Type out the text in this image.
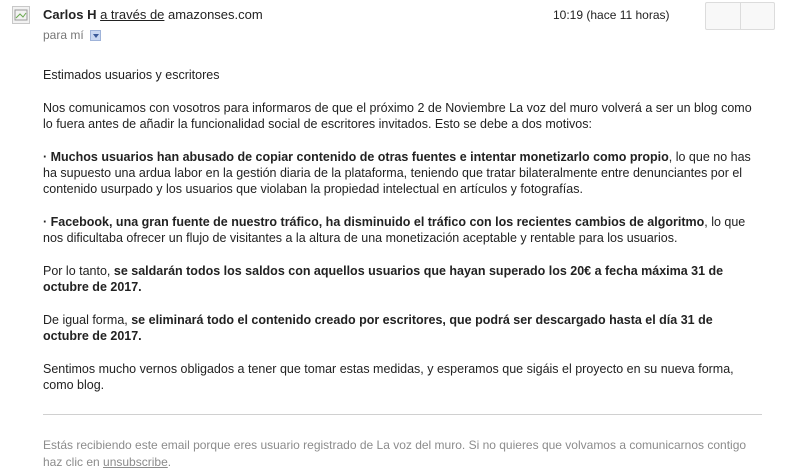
Carlos H a través de amazonses.com
para mí
10:19 (hace 11 horas)

Estimados usuarios y escritores

Nos comunicamos con vosotros para informaros de que el próximo 2 de Noviembre La voz del muro volverá a ser un blog como lo fuera antes de añadir la funcionalidad social de escritores invitados. Esto se debe a dos motivos:

· Muchos usuarios han abusado de copiar contenido de otras fuentes e intentar monetizarlo como propio, lo que no has ha supuesto una ardua labor en la gestión diaria de la plataforma, teniendo que tratar bilateralmente entre denunciantes por el contenido usurpado y los usuarios que violaban la propiedad intelectual en artículos y fotografías.

· Facebook, una gran fuente de nuestro tráfico, ha disminuido el tráfico con los recientes cambios de algoritmo, lo que nos dificultaba ofrecer un flujo de visitantes a la altura de una monetización aceptable y rentable para los usuarios.

Por lo tanto, se saldarán todos los saldos con aquellos usuarios que hayan superado los 20€ a fecha máxima 31 de octubre de 2017.

De igual forma, se eliminará todo el contenido creado por escritores, que podrá ser descargado hasta el día 31 de octubre de 2017.

Sentimos mucho vernos obligados a tener que tomar estas medidas, y esperamos que sigáis el proyecto en su nueva forma, como blog.

Estás recibiendo este email porque eres usuario registrado de La voz del muro. Si no quieres que volvamos a comunicarnos contigo haz clic en unsubscribe.
